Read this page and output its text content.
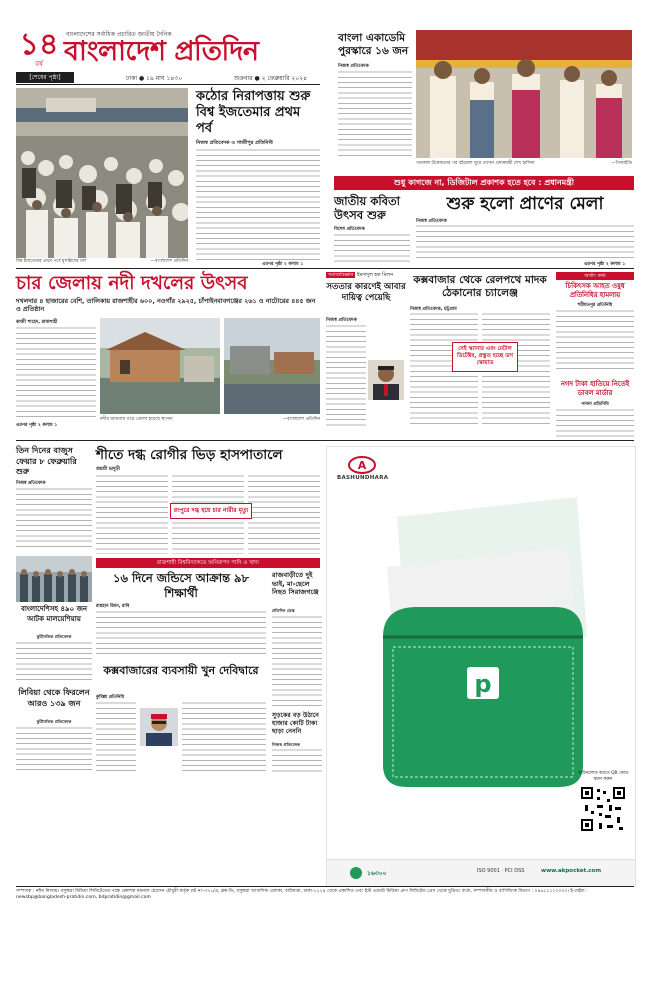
১৪
বর্ষ
বাংলাদেশের সর্বাধিক প্রচারিত জাতীয় দৈনিক
বাংলাদেশ প্রতিদিন
[শেষের পৃষ্ঠা]	ঢাকা ● ১৯ মাঘ ১৪৩০	শুক্রবার ● ২ ফেব্রুয়ারি ২০২৪
বিশ্ব ইজতেমার প্রথম পর্বে মুসল্লিদের ঢল	—বাংলাদেশ প্রতিদিন
কঠোর নিরাপত্তায় শুরু বিশ্ব ইজতেমার প্রথম পর্ব
নিজস্ব প্রতিবেদক ও গাজীপুর প্রতিনিধি
এরপর পৃষ্ঠা ২ কলাম ১
বাংলা একাডেমি পুরস্কারে ১৬ জন
নিজস্ব প্রতিবেদক
গতকাল উদ্বোধনের পর বইমেলা ঘুরে দেখেন প্রধানমন্ত্রী শেখ হাসিনা	—পিআইডি
শুধু কাগজে না, ডিজিটাল প্রকাশক হতে হবে : প্রধানমন্ত্রী
জাতীয় কবিতা উৎসব শুরু
বিশেষ প্রতিবেদক
শুরু হলো প্রাণের মেলা
নিজস্ব প্রতিবেদক
এরপর পৃষ্ঠা ২ কলাম ১
চার জেলায় নদী দখলের উৎসব
দখলদার ৪ হাজারের বেশি, তালিকায় রাজশাহীর ৬০০, নওগাঁর ২৯২৫, চাঁপাইনবাবগঞ্জের ২৬১ ও নাটোরের ৪৪৫ জন ও প্রতিষ্ঠান
কাজী শাহেদ, রাজশাহী
নদীর জায়গায় গড়ে তোলা হয়েছে স্থাপনা	—বাংলাদেশ প্রতিদিন
এরপর পৃষ্ঠা ২ কলাম ১
সমাজবিজ্ঞান ইমদাদুল হক মিলন
সততার কারণেই আবার দায়িত্ব পেয়েছি
নিজস্ব প্রতিবেদক
কক্সবাজার থেকে রেলপথে মাদক ঠেকানোর চ্যালেঞ্জ
নিজস্ব প্রতিবেদক, চট্টগ্রাম
নেই স্ক্যানার এবং মেটাল ডিটেক্টর, প্রস্তুত হচ্ছে ডগ স্কোয়াড
অর্থাৎ কথা
চিকিৎসক আহত ওষুধ প্রতিনিধির হামলায়
শরীয়তপুর প্রতিনিধি
নগদ টাকা হাতিয়ে নিতেই ডাবল মার্ডার
পাবনা প্রতিনিধি
তিন দিনের বাজুস ফেয়ার ৮ ফেব্রুয়ারি শুরু
নিজস্ব প্রতিবেদক
শীতে দগ্ধ রোগীর ভিড় হাসপাতালে
জয়শ্রী ভাদুড়ী
রংপুরে দগ্ধ হয়ে চার নারীর মৃত্যু
রাজশাহী বিশ্ববিদ্যালয়ে অনিরাপদ পানি ও খাদ্য
১৬ দিনে জন্ডিসে আক্রান্ত ৯৮ শিক্ষার্থী
রায়হান রিমন, রাবি
রাজবাড়ীতে দুই ভাই, মা-ছেলে নিহত সিরাজগঞ্জে
প্রতিদিন ডেস্ক
বাংলাদেশিসহ ৪৯০ জন আটক মালয়েশিয়ায়
কূটনৈতিক প্রতিবেদক
লিবিয়া থেকে ফিরলেন আরও ১৩৯ জন
কূটনৈতিক প্রতিবেদক
কক্সবাজারের ব্যবসায়ী খুন দেবিদ্বারে
কুমিল্লা প্রতিনিধি
সুড়কের বড় উঠানে হাজার কোটি টাকা ছাড়া নেননি
নিজস্ব প্রতিবেদক
A
BASHUNDHARA
p
পকেট	®
ডাউনলোড করতে QR কোড স্ক্যান করুন
১৬৩০০	ISO 9001 · PCI DSS	www.akpocket.com
সম্পাদক : নঈম নিজাম। বসুন্ধরা মিডিয়া লিমিটেডের পক্ষে প্রকাশক ময়নাল হোসেন চৌধুরী কর্তৃক প্লট নং-৩৭১/এ, ব্লক-ডি, বসুন্ধরা আবাসিক এলাকা, বারিধারা, ঢাকা-১২২৯ থেকে প্রকাশিত এবং ইস্ট ওয়েস্ট মিডিয়া গ্রুপ লিমিটেড প্রেস থেকে মুদ্রিত। বার্তা, সম্পাদকীয় ও বাণিজ্যিক বিভাগ : ০৯৬১২১২০০০০। ই-মেইল : newsbp@bangladesh-pratidin.com, bdpratidin@gmail.com
